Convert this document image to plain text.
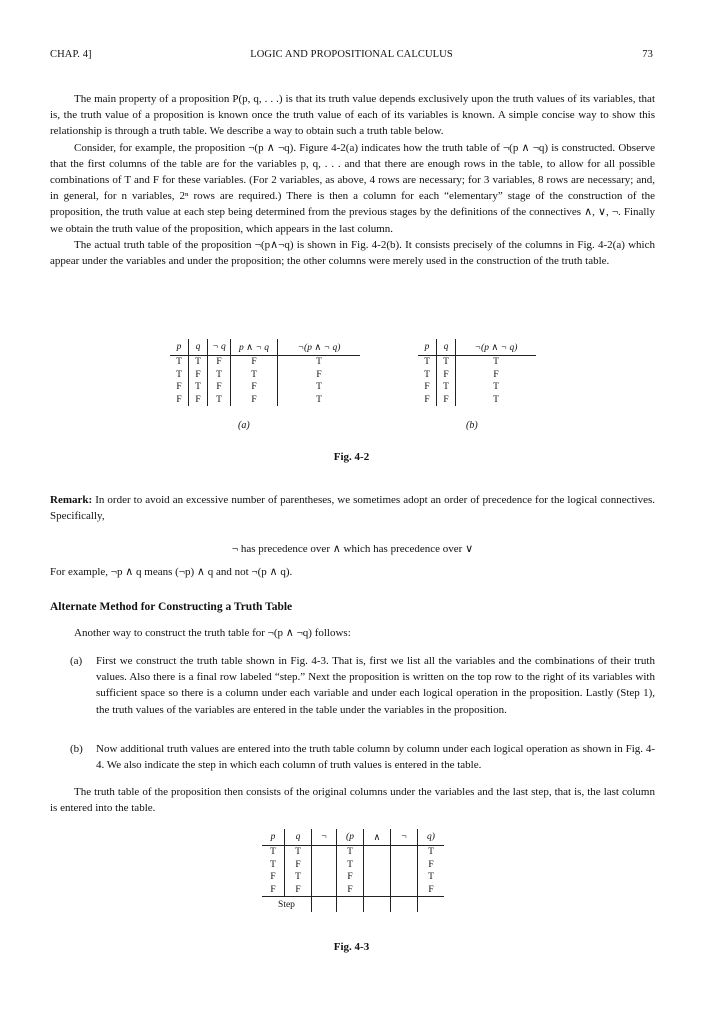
CHAP. 4]	LOGIC AND PROPOSITIONAL CALCULUS	73

The main property of a proposition P(p, q, . . .) is that its truth value depends exclusively upon the truth values of its variables, that is, the truth value of a proposition is known once the truth value of each of its variables is known. A simple concise way to show this relationship is through a truth table. We describe a way to obtain such a truth table below.

Consider, for example, the proposition ¬(p ∧ ¬q). Figure 4-2(a) indicates how the truth table of ¬(p ∧ ¬q) is constructed. Observe that the first columns of the table are for the variables p, q, . . . and that there are enough rows in the table, to allow for all possible combinations of T and F for these variables. (For 2 variables, as above, 4 rows are necessary; for 3 variables, 8 rows are necessary; and, in general, for n variables, 2ⁿ rows are required.) There is then a column for each “elementary” stage of the construction of the proposition, the truth value at each step being determined from the previous stages by the definitions of the connectives ∧, ∨, ¬. Finally we obtain the truth value of the proposition, which appears in the last column.

The actual truth table of the proposition ¬(p∧¬q) is shown in Fig. 4-2(b). It consists precisely of the columns in Fig. 4-2(a) which appear under the variables and under the proposition; the other columns were merely used in the construction of the truth table.

p	q	¬ q	p ∧ ¬ q	¬(p ∧ ¬ q)
T	T	F	F	T
T	F	T	T	F
F	T	F	F	T
F	F	T	F	T
(a)
p	q	¬(p ∧ ¬ q)
T	T	T
T	F	F
F	T	T
F	F	T
(b)
Fig. 4-2

Remark: In order to avoid an excessive number of parentheses, we sometimes adopt an order of precedence for the logical connectives. Specifically,

¬ has precedence over ∧ which has precedence over ∨
For example, ¬p ∧ q means (¬p) ∧ q and not ¬(p ∧ q).
Alternate Method for Constructing a Truth Table

Another way to construct the truth table for ¬(p ∧ ¬q) follows:

(a) First we construct the truth table shown in Fig. 4-3. That is, first we list all the variables and the combinations of their truth values. Also there is a final row labeled “step.” Next the proposition is written on the top row to the right of its variables with sufficient space so there is a column under each variable and under each logical operation in the proposition. Lastly (Step 1), the truth values of the variables are entered in the table under the variables in the proposition.
(b) Now additional truth values are entered into the truth table column by column under each logical operation as shown in Fig. 4-4. We also indicate the step in which each column of truth values is entered in the table.

The truth table of the proposition then consists of the original columns under the variables and the last step, that is, the last column is entered into the table.

p	q	¬	(p	∧	¬	q)
T	T		T			T
T	F		T			F
F	T		F			T
F	F		F			F
Step						
Fig. 4-3
